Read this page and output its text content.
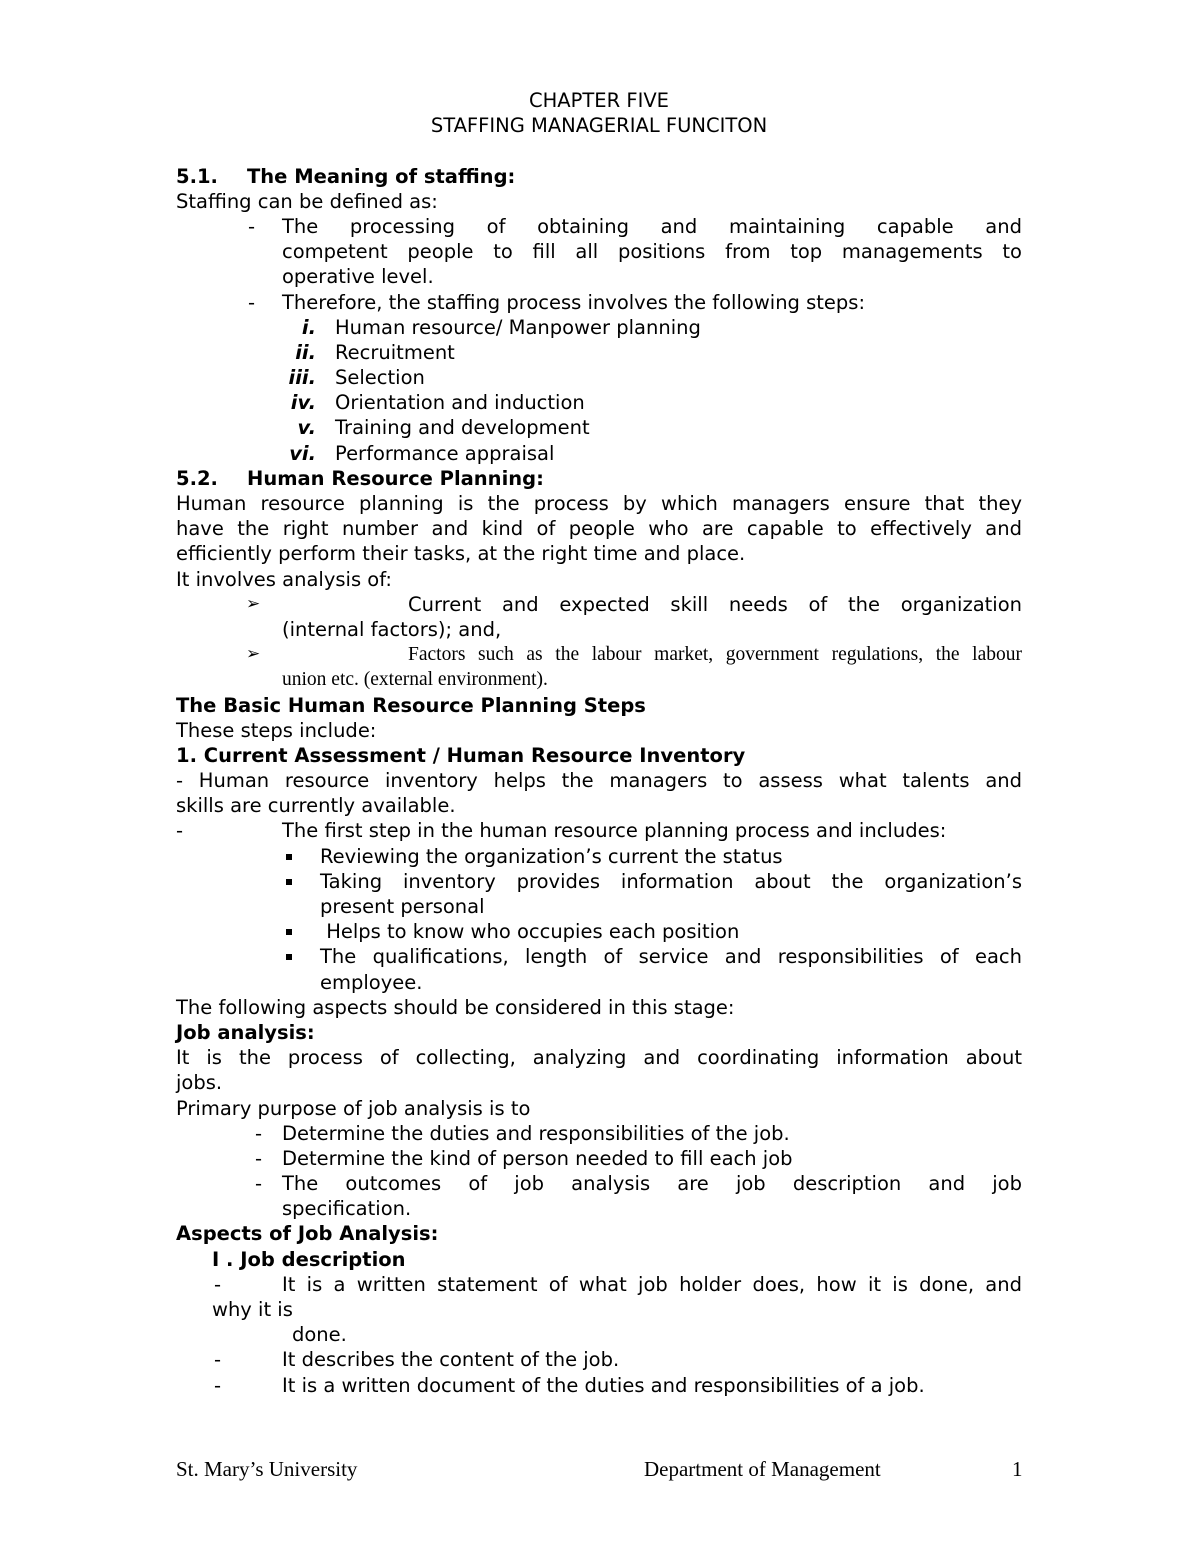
CHAPTER FIVE
STAFFING MANAGERIAL FUNCITON
5.1. The Meaning of staffing:
Staffing can be defined as:
- The processing of obtaining and maintaining capable and
competent people to fill all positions from top managements to
operative level.
- Therefore, the staffing process involves the following steps:
i. Human resource/ Manpower planning
ii. Recruitment
iii. Selection
iv. Orientation and induction
v. Training and development
vi. Performance appraisal
5.2. Human Resource Planning:
Human resource planning is the process by which managers ensure that they
have the right number and kind of people who are capable to effectively and
efficiently perform their tasks, at the right time and place.
It involves analysis of:
➢	Current and expected skill needs of the organization
(internal factors); and,
➢	Factors such as the labour market, government regulations, the labour
union etc. (external environment).
The Basic Human Resource Planning Steps
These steps include:
1. Current Assessment / Human Resource Inventory
- Human resource inventory helps the managers to assess what talents and
skills are currently available.
-	The first step in the human resource planning process and includes:
Reviewing the organization’s current the status
Taking inventory provides information about the organization’s
present personal
Helps to know who occupies each position
The qualifications, length of service and responsibilities of each
employee.
The following aspects should be considered in this stage:
Job analysis:
It is the process of collecting, analyzing and coordinating information about
jobs.
Primary purpose of job analysis is to
- Determine the duties and responsibilities of the job.
- Determine the kind of person needed to fill each job
- The outcomes of job analysis are job description and job
specification.
Aspects of Job Analysis:
I . Job description
-	It is a written statement of what job holder does, how it is done, and
why it is
done.
-	It describes the content of the job.
-	It is a written document of the duties and responsibilities of a job.
St. Mary’s University	Department of Management	1
